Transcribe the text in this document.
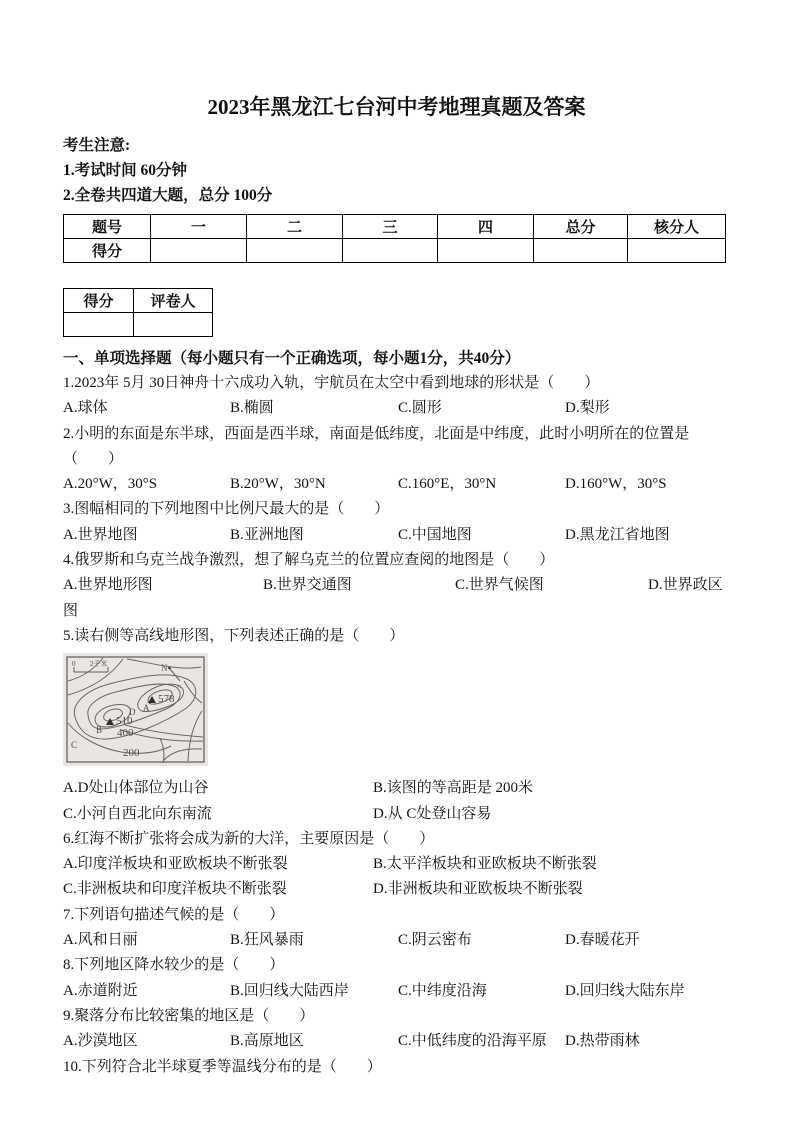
2023年黑龙江七台河中考地理真题及答案
考生注意:
1.考试时间 60分钟
2.全卷共四道大题，总分 100分
题号	一	二	三	四	总分	核分人
得分						
得分	评卷人

一、单项选择题（每小题只有一个正确选项，每小题1分，共40分）
1.2023年 5月 30日神舟十六成功入轨，宇航员在太空中看到地球的形状是（　　）
A.球体	B.椭圆	C.圆形	D.梨形
2.小明的东面是东半球，西面是西半球，南面是低纬度，北面是中纬度，此时小明所在的位置是（　　）
A.20°W，30°S	B.20°W，30°N	C.160°E，30°N	D.160°W，30°S
3.图幅相同的下列地图中比例尺最大的是（　　）
A.世界地图	B.亚洲地图	C.中国地图	D.黑龙江省地图
4.俄罗斯和乌克兰战争激烈，想了解乌克兰的位置应查阅的地图是（　　）
A.世界地形图	B.世界交通图	C.世界气候图	D.世界政区图
5.读右侧等高线地形图，下列表述正确的是（　　）
0 2千米	N
×
510
B
578
A
D
C
400
200
A.D处山体部位为山谷	B.该图的等高距是 200米
C.小河自西北向东南流	D.从 C处登山容易
6.红海不断扩张将会成为新的大洋，主要原因是（　　）
A.印度洋板块和亚欧板块不断张裂	B.太平洋板块和亚欧板块不断张裂
C.非洲板块和印度洋板块不断张裂	D.非洲板块和亚欧板块不断张裂
7.下列语句描述气候的是（　　）
A.风和日丽	B.狂风暴雨	C.阴云密布	D.春暖花开
8.下列地区降水较少的是（　　）
A.赤道附近	B.回归线大陆西岸	C.中纬度沿海	D.回归线大陆东岸
9.聚落分布比较密集的地区是（　　）
A.沙漠地区	B.高原地区	C.中低纬度的沿海平原 D.热带雨林
10.下列符合北半球夏季等温线分布的是（　　）
